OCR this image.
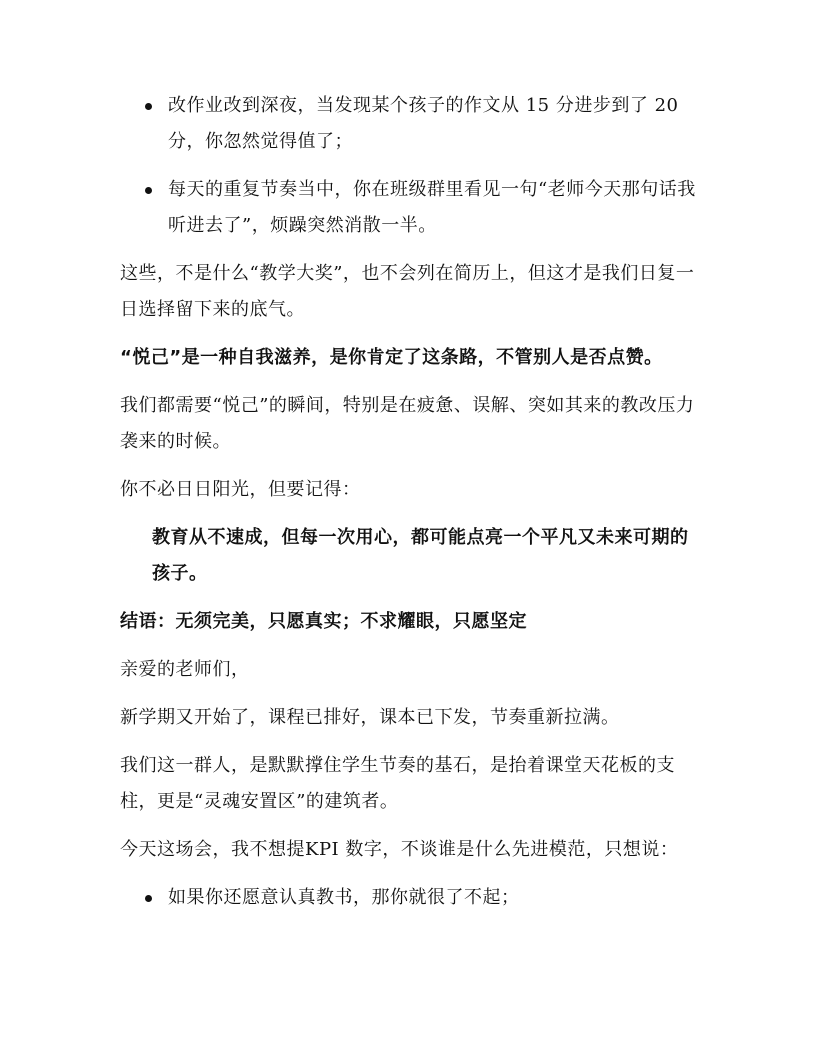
改作业改到深夜，当发现某个孩子的作文从 15 分进步到了 20 分，你忽然觉得值了；
每天的重复节奏当中，你在班级群里看见一句“老师今天那句话我听进去了”，烦躁突然消散一半。

这些，不是什么“教学大奖”，也不会列在简历上，但这才是我们日复一日选择留下来的底气。

“悦己”是一种自我滋养，是你肯定了这条路，不管别人是否点赞。

我们都需要“悦己”的瞬间，特别是在疲惫、误解、突如其来的教改压力袭来的时候。

你不必日日阳光，但要记得：

教育从不速成，但每一次用心，都可能点亮一个平凡又未来可期的孩子。

结语：无须完美，只愿真实；不求耀眼，只愿坚定

亲爱的老师们，

新学期又开始了，课程已排好，课本已下发，节奏重新拉满。

我们这一群人，是默默撑住学生节奏的基石，是抬着课堂天花板的支柱，更是“灵魂安置区”的建筑者。

今天这场会，我不想提KPI 数字，不谈谁是什么先进模范，只想说：

如果你还愿意认真教书，那你就很了不起；
